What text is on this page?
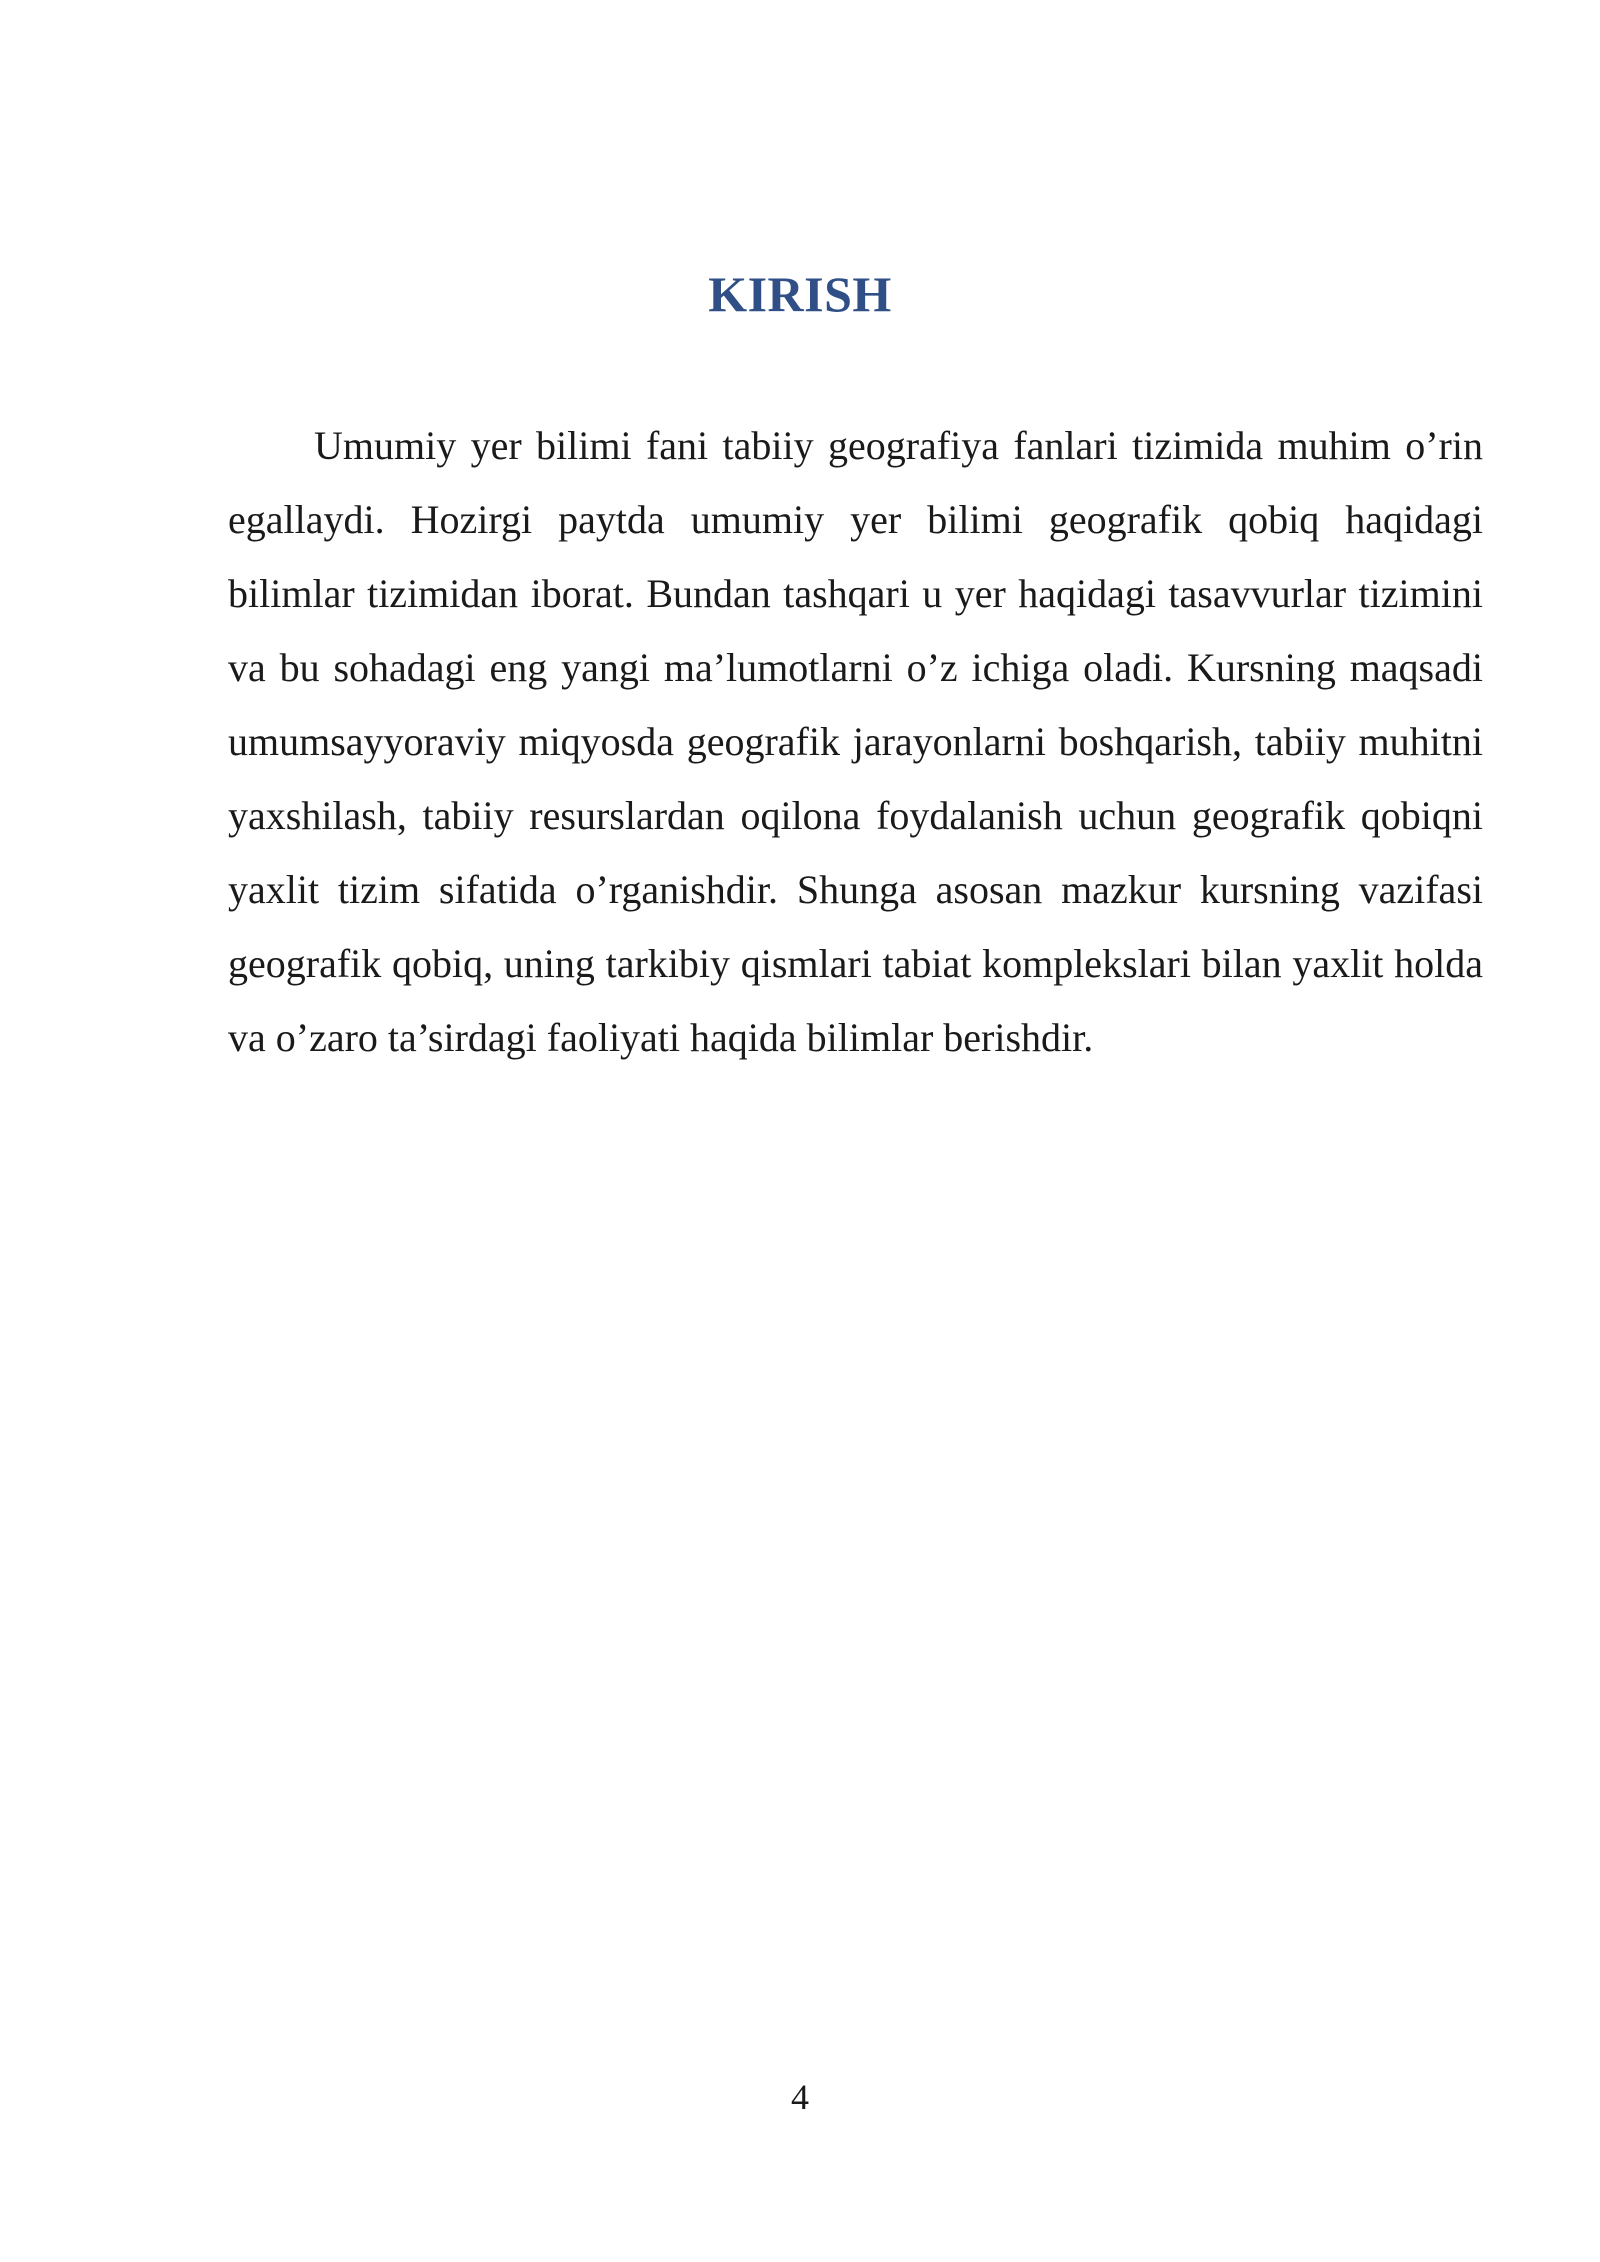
KIRISH

Umumiy yer bilimi fani tabiiy geografiya fanlari tizimida muhim o’rin egallaydi. Hozirgi paytda umumiy yer bilimi geografik qobiq haqidagi bilimlar tizimidan iborat. Bundan tashqari u yer haqidagi tasavvurlar tizimini va bu sohadagi eng yangi ma’lumotlarni o’z ichiga oladi. Kursning maqsadi umumsayyoraviy miqyosda geografik jarayonlarni boshqarish, tabiiy muhitni yaxshilash, tabiiy resurslardan oqilona foydalanish uchun geografik qobiqni yaxlit tizim sifatida o’rganishdir. Shunga asosan mazkur kursning vazifasi geografik qobiq, uning tarkibiy qismlari tabiat komplekslari bilan yaxlit holda va o’zaro ta’sirdagi faoliyati haqida bilimlar berishdir.

4
